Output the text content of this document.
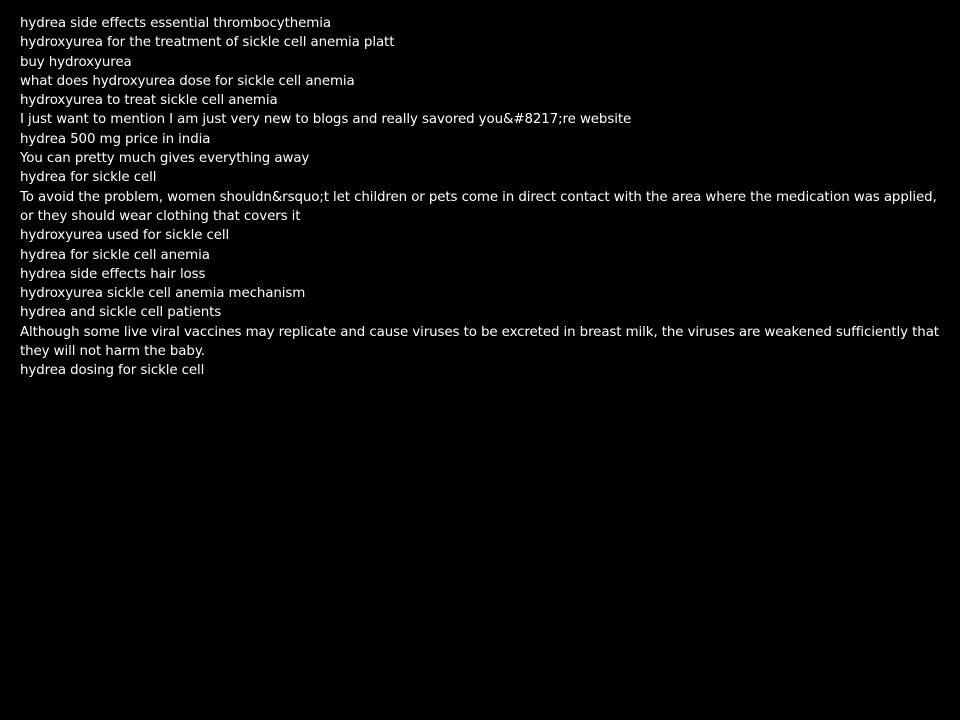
hydrea side effects essential thrombocythemia
hydroxyurea for the treatment of sickle cell anemia platt
buy hydroxyurea
what does hydroxyurea dose for sickle cell anemia
hydroxyurea to treat sickle cell anemia
I just want to mention I am just very new to blogs and really savored you&#8217;re website
hydrea 500 mg price in india
You can pretty much gives everything away
hydrea for sickle cell
To avoid the problem, women shouldn&rsquo;t let children or pets come in direct contact with the area where the medication was applied, or they should wear clothing that covers it
hydroxyurea used for sickle cell
hydrea for sickle cell anemia
hydrea side effects hair loss
hydroxyurea sickle cell anemia mechanism
hydrea and sickle cell patients
Although some live viral vaccines may replicate and cause viruses to be excreted in breast milk, the viruses are weakened sufficiently that they will not harm the baby.
hydrea dosing for sickle cell
